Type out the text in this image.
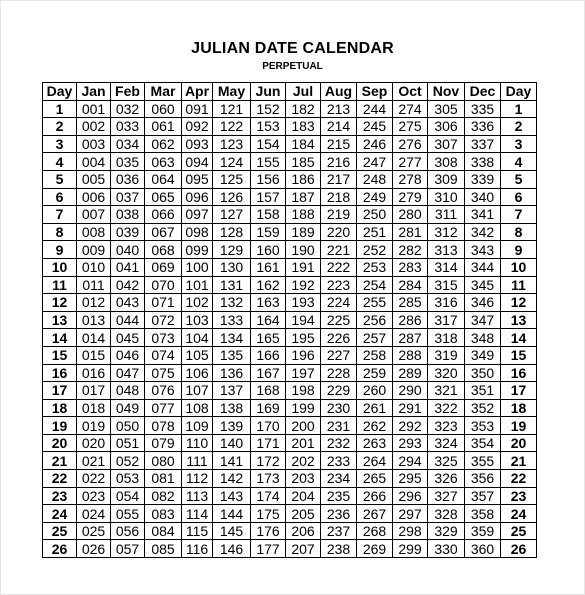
JULIAN DATE CALENDAR
PERPETUAL
Day	Jan	Feb	Mar	Apr	May	Jun	Jul	Aug	Sep	Oct	Nov	Dec	Day
1	001	032	060	091	121	152	182	213	244	274	305	335	1
2	002	033	061	092	122	153	183	214	245	275	306	336	2
3	003	034	062	093	123	154	184	215	246	276	307	337	3
4	004	035	063	094	124	155	185	216	247	277	308	338	4
5	005	036	064	095	125	156	186	217	248	278	309	339	5
6	006	037	065	096	126	157	187	218	249	279	310	340	6
7	007	038	066	097	127	158	188	219	250	280	311	341	7
8	008	039	067	098	128	159	189	220	251	281	312	342	8
9	009	040	068	099	129	160	190	221	252	282	313	343	9
10	010	041	069	100	130	161	191	222	253	283	314	344	10
11	011	042	070	101	131	162	192	223	254	284	315	345	11
12	012	043	071	102	132	163	193	224	255	285	316	346	12
13	013	044	072	103	133	164	194	225	256	286	317	347	13
14	014	045	073	104	134	165	195	226	257	287	318	348	14
15	015	046	074	105	135	166	196	227	258	288	319	349	15
16	016	047	075	106	136	167	197	228	259	289	320	350	16
17	017	048	076	107	137	168	198	229	260	290	321	351	17
18	018	049	077	108	138	169	199	230	261	291	322	352	18
19	019	050	078	109	139	170	200	231	262	292	323	353	19
20	020	051	079	110	140	171	201	232	263	293	324	354	20
21	021	052	080	111	141	172	202	233	264	294	325	355	21
22	022	053	081	112	142	173	203	234	265	295	326	356	22
23	023	054	082	113	143	174	204	235	266	296	327	357	23
24	024	055	083	114	144	175	205	236	267	297	328	358	24
25	025	056	084	115	145	176	206	237	268	298	329	359	25
26	026	057	085	116	146	177	207	238	269	299	330	360	26
